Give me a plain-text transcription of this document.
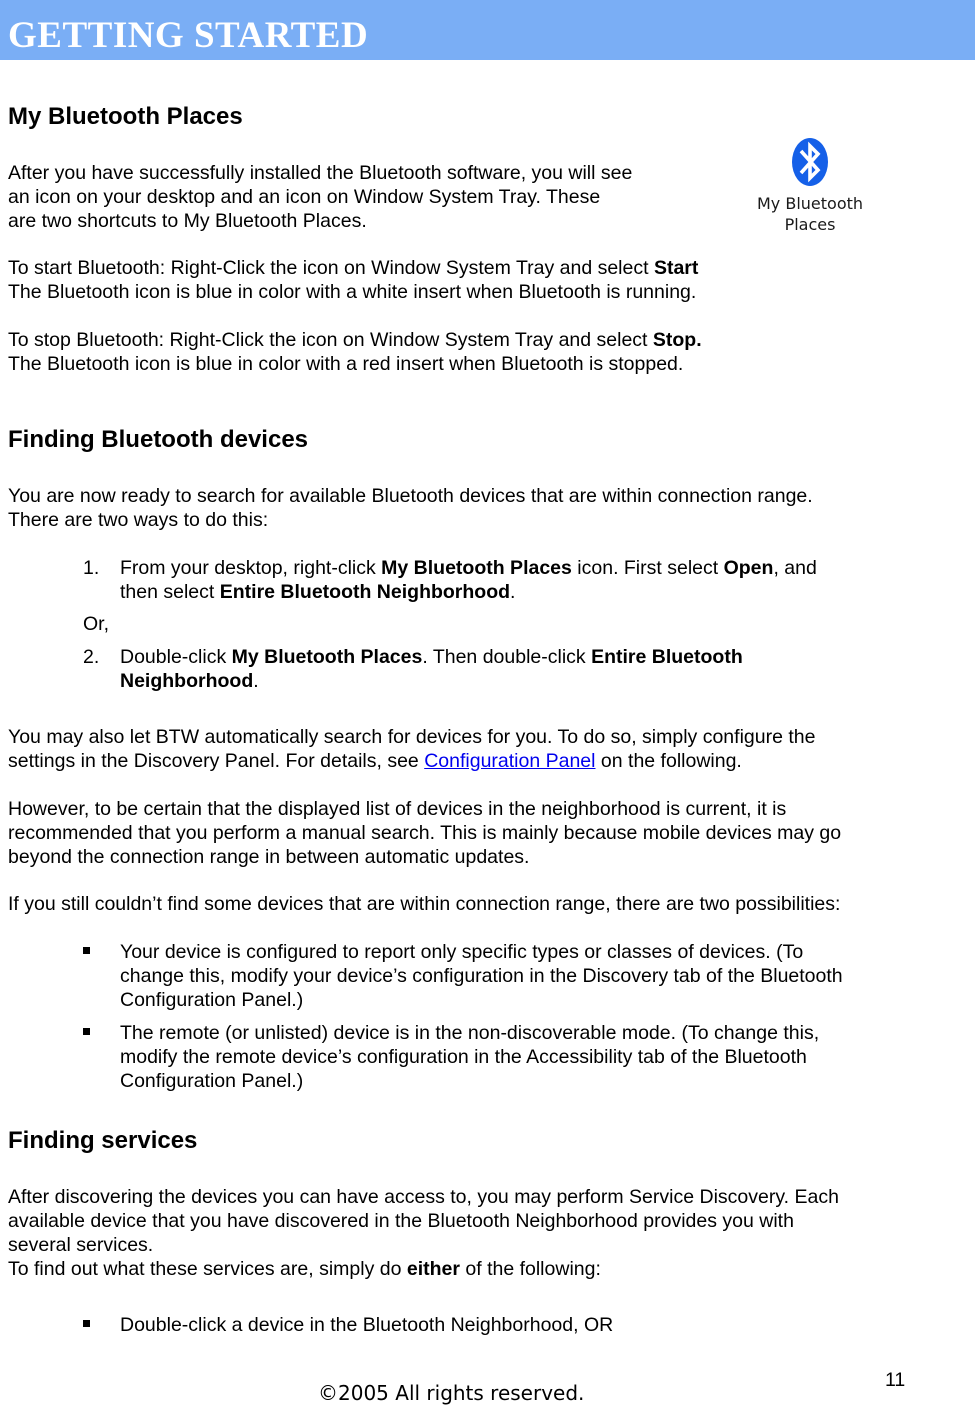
GETTING STARTED
My Bluetooth Places
After you have successfully installed the Bluetooth software, you will see
an icon on your desktop and an icon on Window System Tray. These
are two shortcuts to My Bluetooth Places.
My Bluetooth
Places
To start Bluetooth: Right-Click the icon on Window System Tray and select Start
The Bluetooth icon is blue in color with a white insert when Bluetooth is running.
To stop Bluetooth: Right-Click the icon on Window System Tray and select Stop.
The Bluetooth icon is blue in color with a red insert when Bluetooth is stopped.
Finding Bluetooth devices
You are now ready to search for available Bluetooth devices that are within connection range.
There are two ways to do this:
1. From your desktop, right-click My Bluetooth Places icon. First select Open, and
then select Entire Bluetooth Neighborhood.
Or,
2. Double-click My Bluetooth Places. Then double-click Entire Bluetooth
Neighborhood.
You may also let BTW automatically search for devices for you. To do so, simply configure the
settings in the Discovery Panel. For details, see Configuration Panel on the following.
However, to be certain that the displayed list of devices in the neighborhood is current, it is
recommended that you perform a manual search. This is mainly because mobile devices may go
beyond the connection range in between automatic updates.
If you still couldn’t find some devices that are within connection range, there are two possibilities:
Your device is configured to report only specific types or classes of devices. (To
change this, modify your device’s configuration in the Discovery tab of the Bluetooth
Configuration Panel.)
The remote (or unlisted) device is in the non-discoverable mode. (To change this,
modify the remote device’s configuration in the Accessibility tab of the Bluetooth
Configuration Panel.)
Finding services
After discovering the devices you can have access to, you may perform Service Discovery. Each
available device that you have discovered in the Bluetooth Neighborhood provides you with
several services.
To find out what these services are, simply do either of the following:
Double-click a device in the Bluetooth Neighborhood, OR
©2005 All rights reserved.
11
